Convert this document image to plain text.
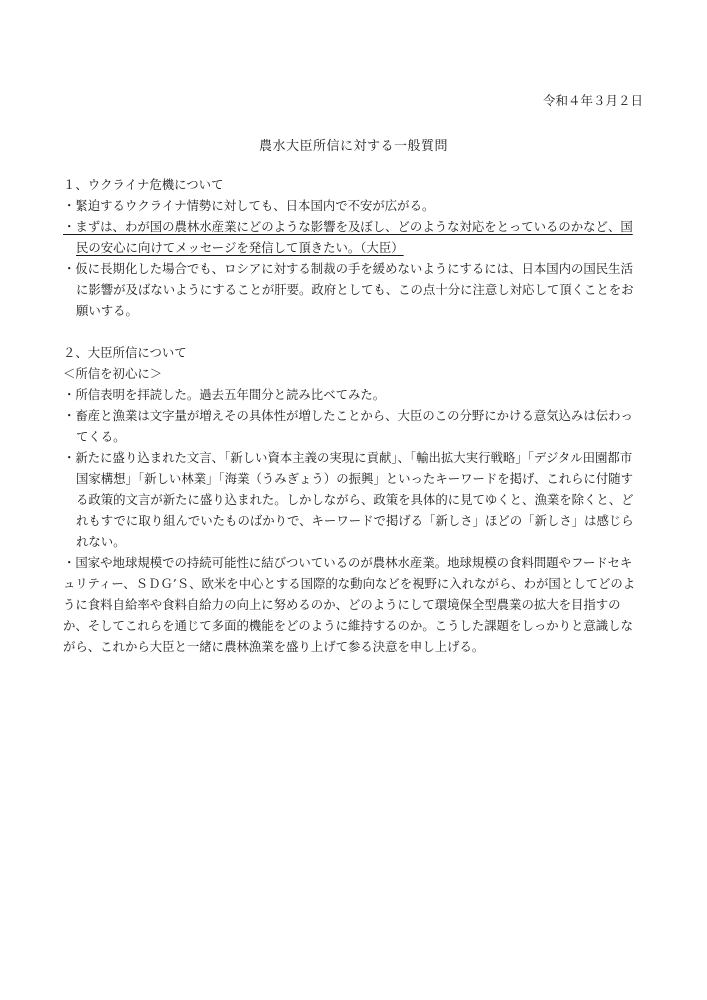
令和４年３月２日
農水大臣所信に対する一般質問
１、ウクライナ危機について
・緊迫するウクライナ情勢に対しても、日本国内で不安が広がる。
・まずは、わが国の農林水産業にどのような影響を及ぼし、どのような対応をとっているのかなど、国
民の安心に向けてメッセージを発信して頂きたい。（大臣）
・仮に長期化した場合でも、ロシアに対する制裁の手を緩めないようにするには、日本国内の国民生活
に影響が及ばないようにすることが肝要。政府としても、この点十分に注意し対応して頂くことをお
願いする。
２、大臣所信について
＜所信を初心に＞
・所信表明を拝読した。過去五年間分と読み比べてみた。
・畜産と漁業は文字量が増えその具体性が増したことから、大臣のこの分野にかける意気込みは伝わっ
てくる。
・新たに盛り込まれた文言、「新しい資本主義の実現に貢献」、「輸出拡大実行戦略」「デジタル田園都市
国家構想」「新しい林業」「海業（うみぎょう）の振興」といったキーワードを掲げ、これらに付随す
る政策的文言が新たに盛り込まれた。しかしながら、政策を具体的に見てゆくと、漁業を除くと、ど
れもすでに取り組んでいたものばかりで、キーワードで掲げる「新しさ」ほどの「新しさ」は感じら
れない。
・国家や地球規模での持続可能性に結びついているのが農林水産業。地球規模の食料問題やフードセキ
ュリティー、ＳＤＧ’Ｓ、欧米を中心とする国際的な動向などを視野に入れながら、わが国としてどのよ
うに食料自給率や食料自給力の向上に努めるのか、どのようにして環境保全型農業の拡大を目指すの
か、そしてこれらを通じて多面的機能をどのように維持するのか。こうした課題をしっかりと意識しな
がら、これから大臣と一緒に農林漁業を盛り上げて参る決意を申し上げる。
